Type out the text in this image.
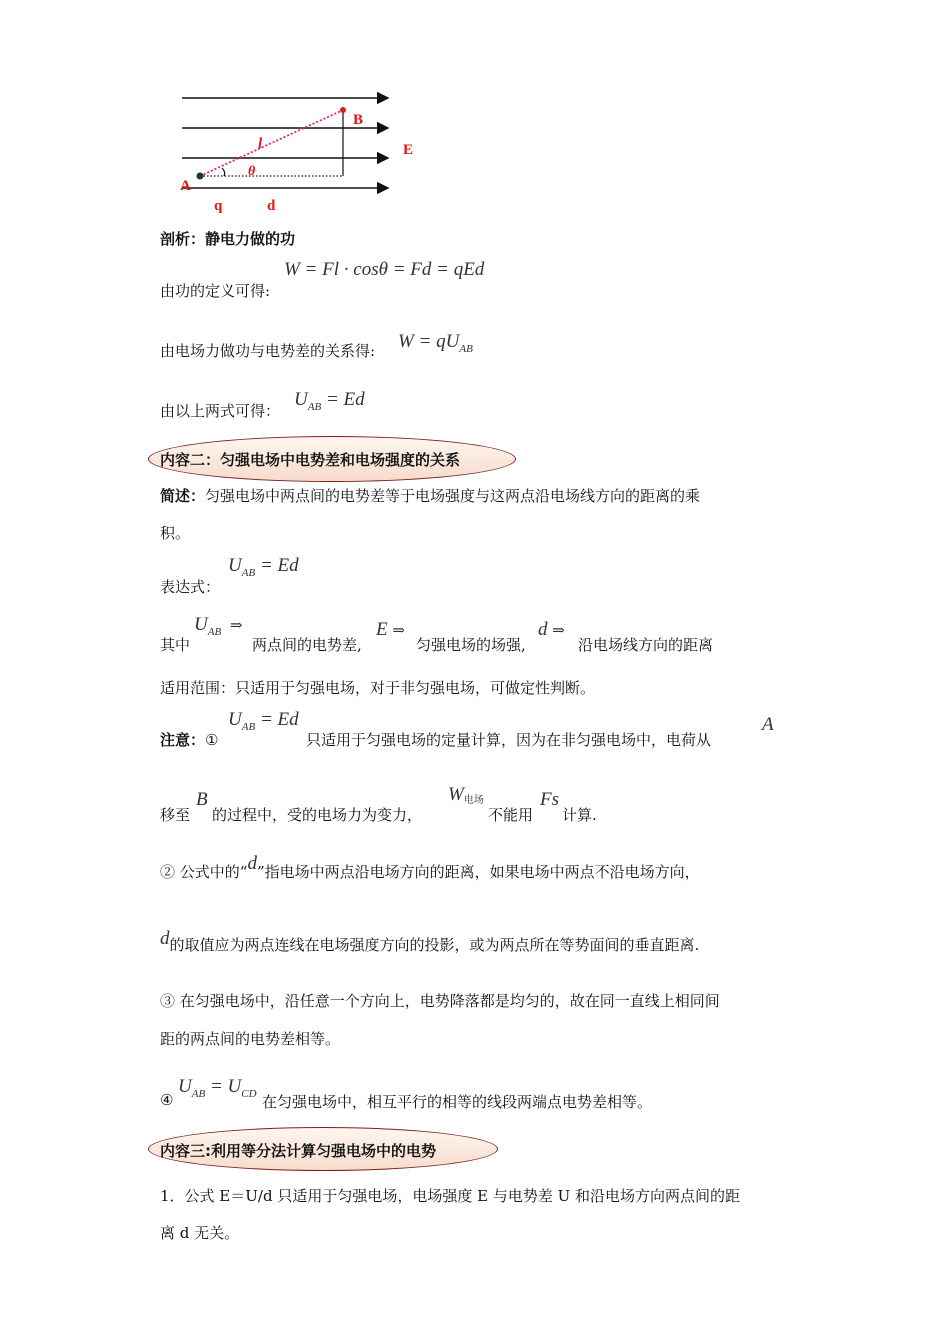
A
B
E
l
θ
q	d
剖析：静电力做的功
W = Fl · cosθ = Fd = qEd
由功的定义可得:
由电场力做功与电势差的关系得: $W = qU_{AB}$
由以上两式可得：
$U_{AB} = Ed$
内容二：匀强电场中电势差和电场强度的关系
简述：匀强电场中两点间的电势差等于电场强度与这两点沿电场线方向的距离的乘
积。
$U_{AB} = Ed$
表达式：
其中
$U_{AB}$ ⇒
两点间的电势差,
E ⇒
匀强电场的场强,
d ⇒
沿电场线方向的距离
适用范围：只适用于匀强电场，对于非匀强电场，可做定性判断。
$U_{AB} = Ed$
注意：①	只适用于匀强电场的定量计算，因为在非匀强电场中，电荷从
A
移至
B
的过程中，受的电场力为变力，
W电场
不能用
Fs
计算.
② 公式中的“d”指电场中两点沿电场方向的距离，如果电场中两点不沿电场方向，
d的取值应为两点连线在电场强度方向的投影，或为两点所在等势面间的垂直距离.
③ 在匀强电场中，沿任意一个方向上，电势降落都是均匀的，故在同一直线上相同间
距的两点间的电势差相等。
④
$U_{AB} = U_{CD}$ 在匀强电场中，相互平行的相等的线段两端点电势差相等。
内容三:利用等分法计算匀强电场中的电势
1．公式 E＝U/d 只适用于匀强电场，电场强度 E 与电势差 U 和沿电场方向两点间的距
离 d 无关。
